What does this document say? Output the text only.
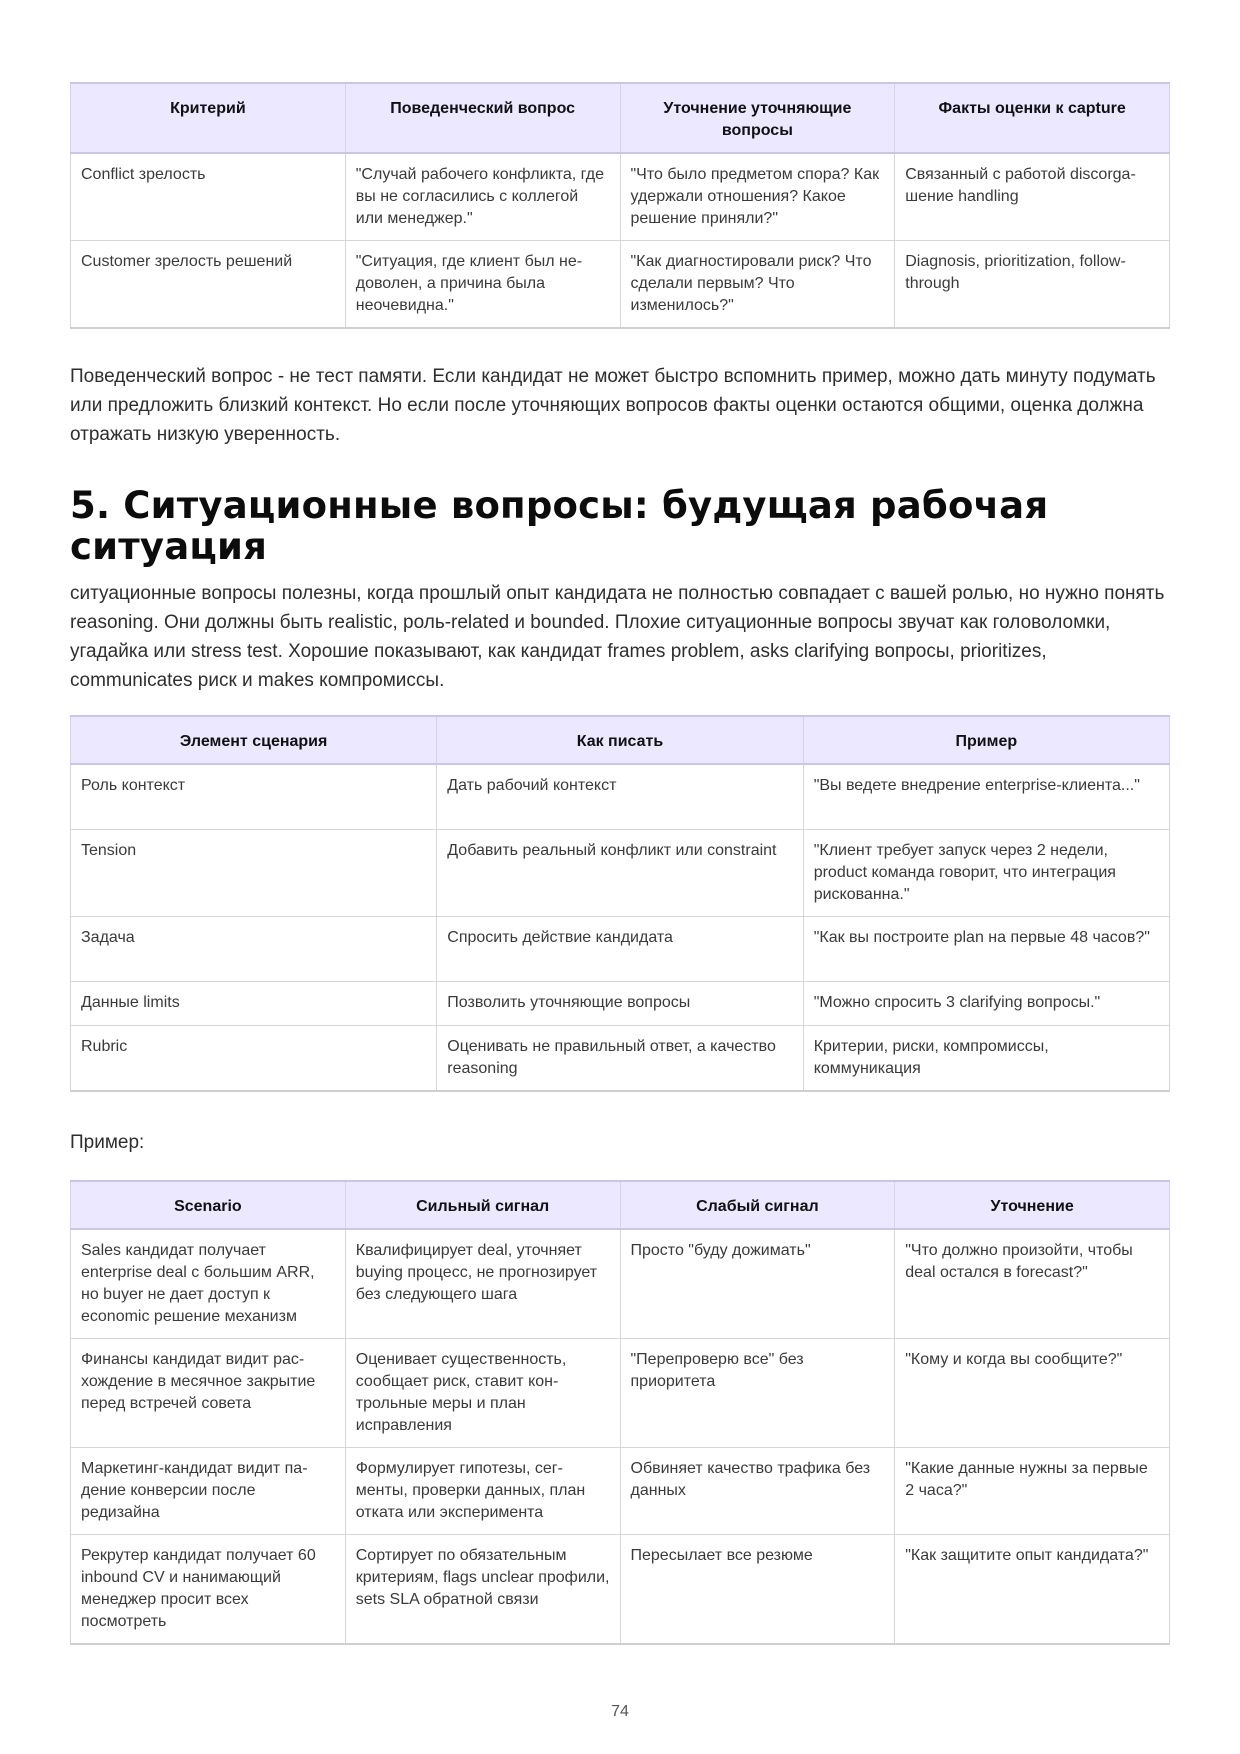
Критерий	Поведенческий вопрос	Уточнение уточняющие вопросы	Факты оценки к capture
Conflict зрелость	"Случай рабочего конфликта, где вы не согласились с коллегой или менеджер."	"Что было предметом спора? Как удержали отношения? Какое решение приняли?"	Связанный с работой discorgaшение handling
Customer зрелость решений	"Ситуация, где клиент был недоволен, а причина была неочевидна."	"Как диагностировали риск? Что сделали первым? Что изменилось?"	Diagnosis, prioritization, follow-through

Поведенческий вопрос - не тест памяти. Если кандидат не может быстро вспомнить пример, можно дать минуту подумать или предложить близкий контекст. Но если после уточняющих вопросов факты оценки остаются общими, оценка должна отражать низкую уверенность.

5. Ситуационные вопросы: будущая рабочая ситуация

ситуационные вопросы полезны, когда прошлый опыт кандидата не полностью совпадает с вашей ролью, но нужно понять reasoning. Они должны быть realistic, роль-related и bounded. Плохие ситуационные вопросы звучат как головоломки, угадайка или stress test. Хорошие показывают, как кандидат frames problem, asks clarifying вопросы, prioritizes, communicates риск и makes компромиссы.

Элемент сценария	Как писать	Пример
Роль контекст	Дать рабочий контекст	"Вы ведете внедрение enterprise-клиента..."
Tension	Добавить реальный конфликт или constraint	"Клиент требует запуск через 2 недели, product команда говорит, что интеграция рискованна."
Задача	Спросить действие кандидата	"Как вы построите plan на первые 48 часов?"
Данные limits	Позволить уточняющие вопросы	"Можно спросить 3 clarifying вопросы."
Rubric	Оценивать не правильный ответ, а качество reasoning	Критерии, риски, компромиссы, коммуникация

Пример:

Scenario	Сильный сигнал	Слабый сигнал	Уточнение
Sales кандидат получает enterprise deal с большим ARR, но buyer не дает доступ к economic решение механизм	Квалифицирует deal, уточняет buying процесс, не прогнозирует без следующего шага	Просто "буду дожимать"	"Что должно произойти, чтобы deal остался в forecast?"
Финансы кандидат видит расхождение в месячное закрытие перед встречей совета	Оценивает существенность, сообщает риск, ставит контрольные меры и план исправления	"Перепроверю все" без приоритета	"Кому и когда вы сообщите?"
Маркетинг-кандидат видит падение конверсии после редизайна	Формулирует гипотезы, сегменты, проверки данных, план отката или эксперимента	Обвиняет качество трафика без данных	"Какие данные нужны за первые 2 часа?"
Рекрутер кандидат получает 60 inbound CV и нанимающий менеджер просит всех посмотреть	Сортирует по обязательным критериям, flags unclear профили, sets SLA обратной связи	Пересылает все резюме	"Как защитите опыт кандидата?"
74
